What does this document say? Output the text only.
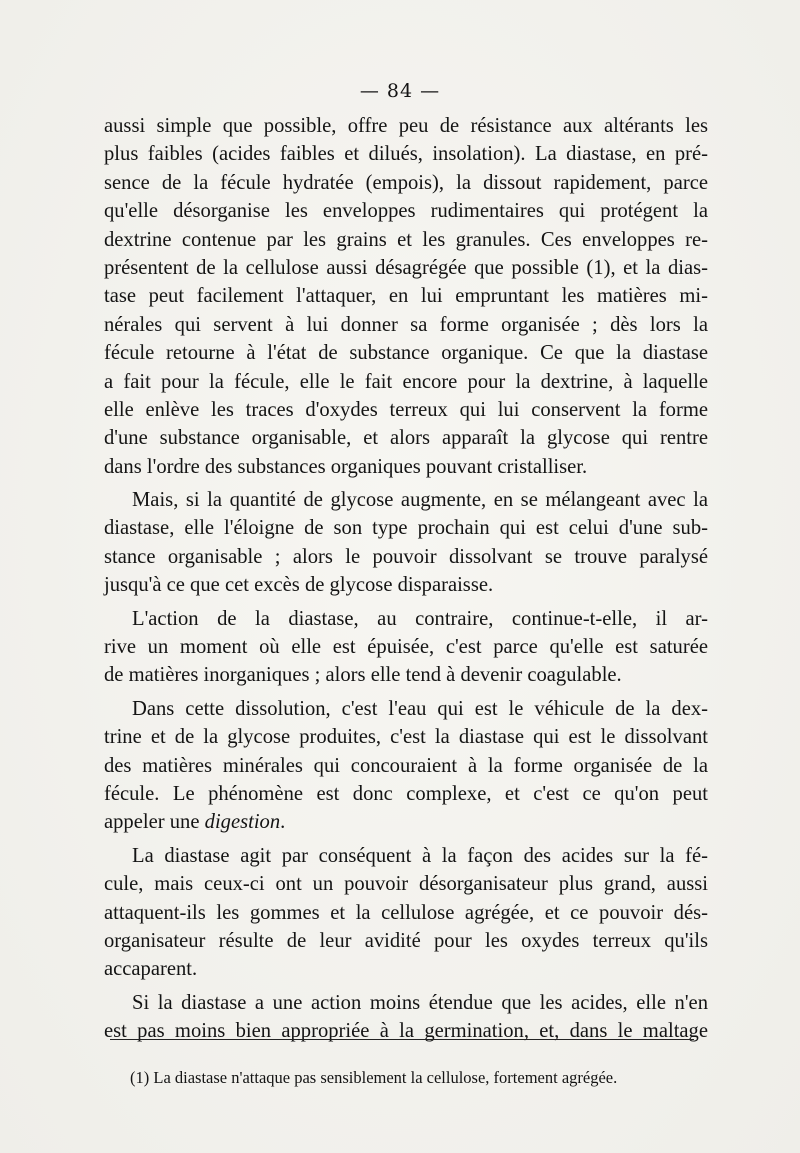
— 84 —
aussi simple que possible, offre peu de résistance aux altérants les
plus faibles (acides faibles et dilués, insolation). La diastase, en pré-
sence de la fécule hydratée (empois), la dissout rapidement, parce
qu'elle désorganise les enveloppes rudimentaires qui protégent la
dextrine contenue par les grains et les granules. Ces enveloppes re-
présentent de la cellulose aussi désagrégée que possible (1), et la dias-
tase peut facilement l'attaquer, en lui empruntant les matières mi-
nérales qui servent à lui donner sa forme organisée ; dès lors la
fécule retourne à l'état de substance organique. Ce que la diastase
a fait pour la fécule, elle le fait encore pour la dextrine, à laquelle
elle enlève les traces d'oxydes terreux qui lui conservent la forme
d'une substance organisable, et alors apparaît la glycose qui rentre
dans l'ordre des substances organiques pouvant cristalliser.
Mais, si la quantité de glycose augmente, en se mélangeant avec la
diastase, elle l'éloigne de son type prochain qui est celui d'une sub-
stance organisable ; alors le pouvoir dissolvant se trouve paralysé
jusqu'à ce que cet excès de glycose disparaisse.
L'action de la diastase, au contraire, continue-t-elle, il ar-
rive un moment où elle est épuisée, c'est parce qu'elle est saturée
de matières inorganiques ; alors elle tend à devenir coagulable.
Dans cette dissolution, c'est l'eau qui est le véhicule de la dex-
trine et de la glycose produites, c'est la diastase qui est le dissolvant
des matières minérales qui concouraient à la forme organisée de la
fécule. Le phénomène est donc complexe, et c'est ce qu'on peut
appeler une digestion.
La diastase agit par conséquent à la façon des acides sur la fé-
cule, mais ceux-ci ont un pouvoir désorganisateur plus grand, aussi
attaquent-ils les gommes et la cellulose agrégée, et ce pouvoir dés-
organisateur résulte de leur avidité pour les oxydes terreux qu'ils
accaparent.
Si la diastase a une action moins étendue que les acides, elle n'en
est pas moins bien appropriée à la germination, et, dans le maltage
(1) La diastase n'attaque pas sensiblement la cellulose, fortement agrégée.
